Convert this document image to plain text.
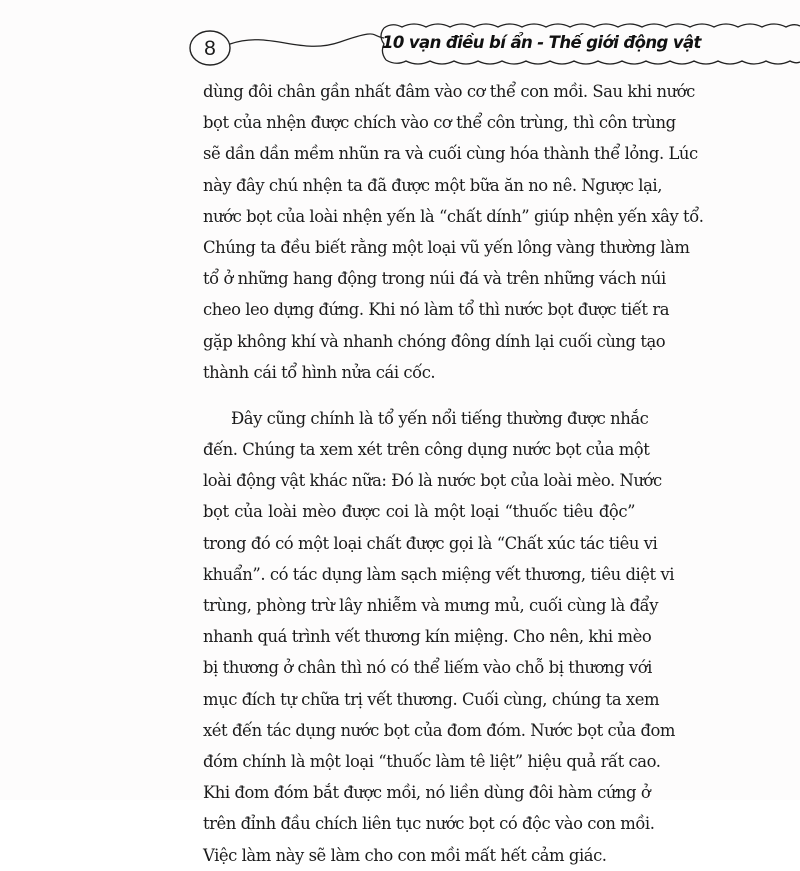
8	10 vạn điều bí ẩn - Thế giới động vật
dùng đôi chân gần nhất đâm vào cơ thể con mồi. Sau khi nước
bọt của nhện được chích vào cơ thể côn trùng, thì côn trùng
sẽ dần dần mềm nhũn ra và cuối cùng hóa thành thể lỏng. Lúc
này đây chú nhện ta đã được một bữa ăn no nê. Ngược lại,
nước bọt của loài nhện yến là “chất dính” giúp nhện yến xây tổ.
Chúng ta đều biết rằng một loại vũ yến lông vàng thường làm
tổ ở những hang động trong núi đá và trên những vách núi
cheo leo dựng đứng. Khi nó làm tổ thì nước bọt được tiết ra
gặp không khí và nhanh chóng đông dính lại cuối cùng tạo
thành cái tổ hình nửa cái cốc.
Đây cũng chính là tổ yến nổi tiếng thường được nhắc
đến. Chúng ta xem xét trên công dụng nước bọt của một
loài động vật khác nữa: Đó là nước bọt của loài mèo. Nước
bọt của loài mèo được coi là một loại “thuốc tiêu độc”
trong đó có một loại chất được gọi là “Chất xúc tác tiêu vi
khuẩn”. có tác dụng làm sạch miệng vết thương, tiêu diệt vi
trùng, phòng trừ lây nhiễm và mưng mủ, cuối cùng là đẩy
nhanh quá trình vết thương kín miệng. Cho nên, khi mèo
bị thương ở chân thì nó có thể liếm vào chỗ bị thương với
mục đích tự chữa trị vết thương. Cuối cùng, chúng ta xem
xét đến tác dụng nước bọt của đom đóm. Nước bọt của đom
đóm chính là một loại “thuốc làm tê liệt” hiệu quả rất cao.
Khi đom đóm bắt được mồi, nó liền dùng đôi hàm cứng ở
trên đỉnh đầu chích liên tục nước bọt có độc vào con mồi.
Việc làm này sẽ làm cho con mồi mất hết cảm giác.
